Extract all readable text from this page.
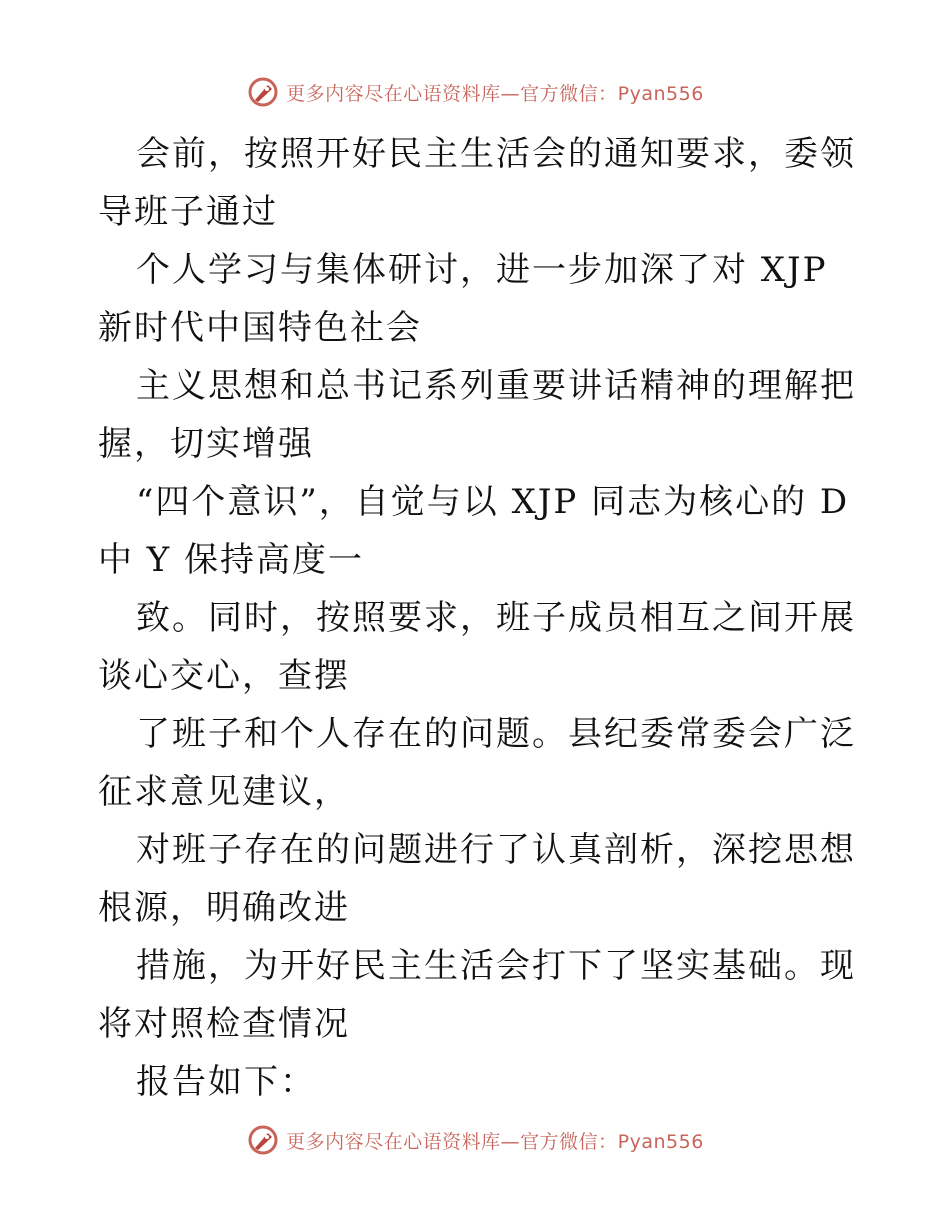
更多内容尽在心语资料库—官方微信：Pyan556

会前，按照开好民主生活会的通知要求，委领导班子通过

个人学习与集体研讨，进一步加深了对 XJP 新时代中国特色社会

主义思想和总书记系列重要讲话精神的理解把握，切实增强

“四个意识”，自觉与以 XJP 同志为核心的 D 中 Y 保持高度一

致。同时，按照要求，班子成员相互之间开展谈心交心，查摆

了班子和个人存在的问题。县纪委常委会广泛征求意见建议，

对班子存在的问题进行了认真剖析，深挖思想根源，明确改进

措施，为开好民主生活会打下了坚实基础。现将对照检查情况

报告如下：

更多内容尽在心语资料库—官方微信：Pyan556
